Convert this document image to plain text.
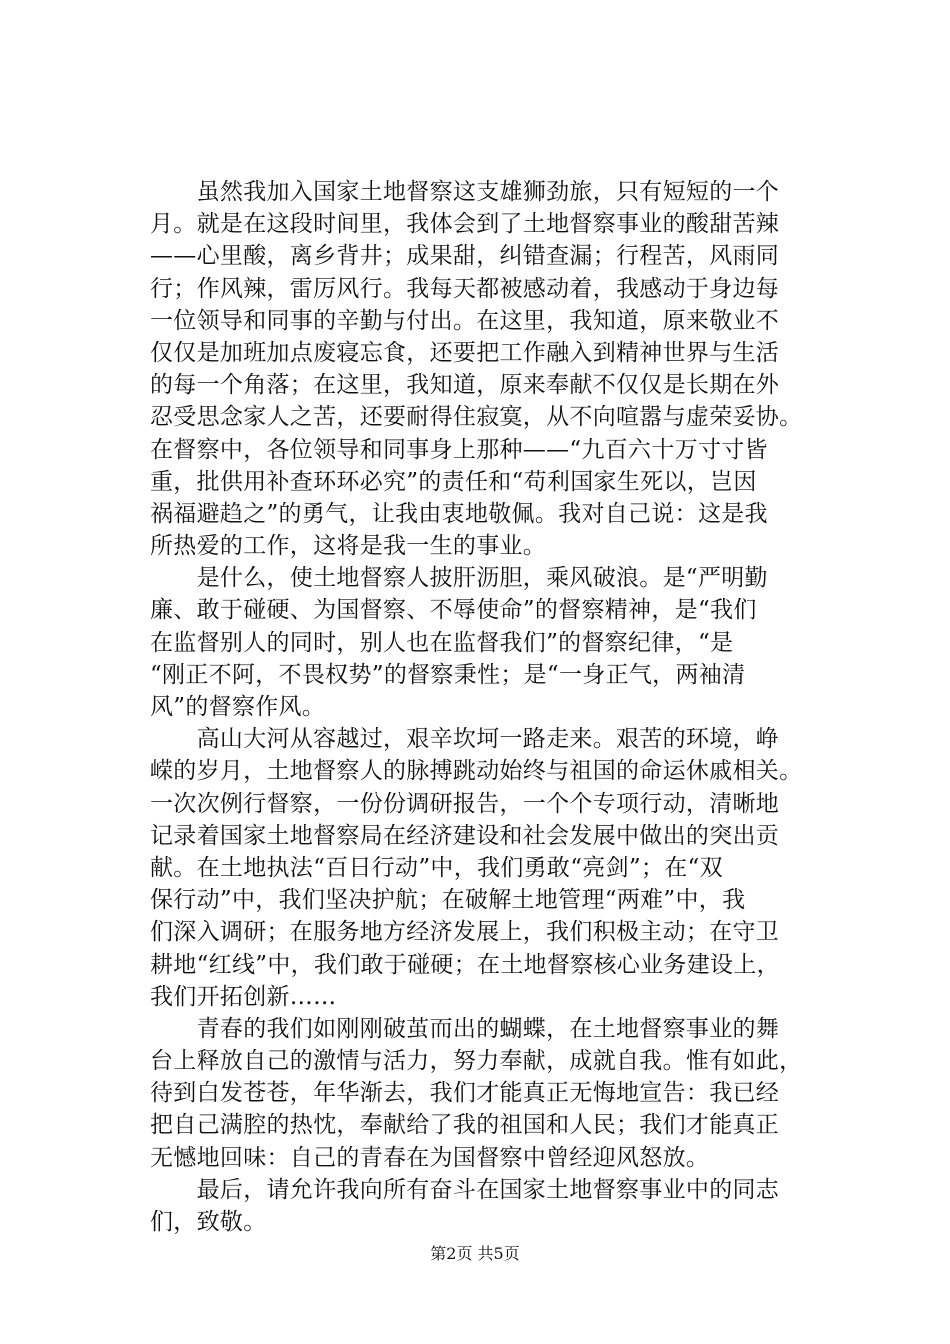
　　虽然我加入国家土地督察这支雄狮劲旅，只有短短的一个
月。就是在这段时间里，我体会到了土地督察事业的酸甜苦辣
——心里酸，离乡背井；成果甜，纠错查漏；行程苦，风雨同
行；作风辣，雷厉风行。我每天都被感动着，我感动于身边每
一位领导和同事的辛勤与付出。在这里，我知道，原来敬业不
仅仅是加班加点废寝忘食，还要把工作融入到精神世界与生活
的每一个角落；在这里，我知道，原来奉献不仅仅是长期在外
忍受思念家人之苦，还要耐得住寂寞，从不向喧嚣与虚荣妥协。
在督察中，各位领导和同事身上那种——“九百六十万寸寸皆
重，批供用补查环环必究”的责任和“苟利国家生死以，岂因
祸福避趋之”的勇气，让我由衷地敬佩。我对自己说：这是我
所热爱的工作，这将是我一生的事业。
　　是什么，使土地督察人披肝沥胆，乘风破浪。是“严明勤
廉、敢于碰硬、为国督察、不辱使命”的督察精神，是“我们
在监督别人的同时，别人也在监督我们”的督察纪律，“是
“刚正不阿，不畏权势”的督察秉性；是“一身正气，两袖清
风”的督察作风。
　　高山大河从容越过，艰辛坎坷一路走来。艰苦的环境，峥
嵘的岁月，土地督察人的脉搏跳动始终与祖国的命运休戚相关。
一次次例行督察，一份份调研报告，一个个专项行动，清晰地
记录着国家土地督察局在经济建设和社会发展中做出的突出贡
献。在土地执法“百日行动”中，我们勇敢“亮剑”；在“双
保行动”中，我们坚决护航；在破解土地管理“两难”中，我
们深入调研；在服务地方经济发展上，我们积极主动；在守卫
耕地“红线”中，我们敢于碰硬；在土地督察核心业务建设上，
我们开拓创新……
　　青春的我们如刚刚破茧而出的蝴蝶，在土地督察事业的舞
台上释放自己的激情与活力，努力奉献，成就自我。惟有如此，
待到白发苍苍，年华渐去，我们才能真正无悔地宣告：我已经
把自己满腔的热忱，奉献给了我的祖国和人民；我们才能真正
无憾地回味：自己的青春在为国督察中曾经迎风怒放。
　　最后，请允许我向所有奋斗在国家土地督察事业中的同志
们，致敬。
第2页 共5页
